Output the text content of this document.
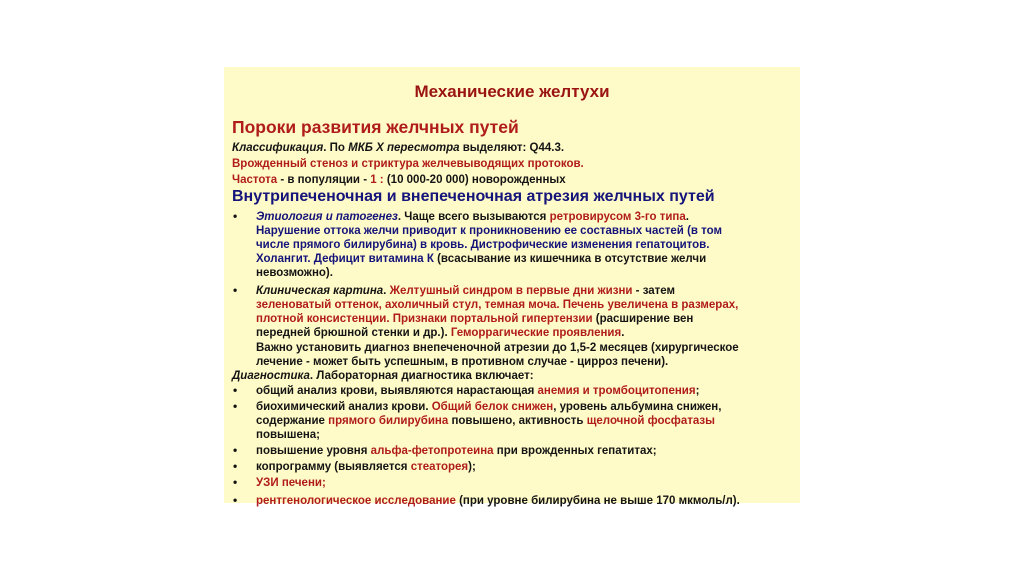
Механические желтухи
Пороки развития желчных путей
Классификация. По МКБ X пересмотра выделяют: Q44.3.
Врожденный стеноз и стриктура желчевыводящих протоков.
Частота - в популяции - 1 : (10 000-20 000) новорожденных
Внутрипеченочная и внепеченочная атрезия желчных путей
• Этиология и патогенез. Чаще всего вызываются ретровирусом 3-го типа.
Нарушение оттока желчи приводит к проникновению ее составных частей (в том
числе прямого билирубина) в кровь. Дистрофические изменения гепатоцитов.
Холангит. Дефицит витамина К (всасывание из кишечника в отсутствие желчи
невозможно).
• Клиническая картина. Желтушный синдром в первые дни жизни - затем
зеленоватый оттенок, ахоличный стул, темная моча. Печень увеличена в размерах,
плотной консистенции. Признаки портальной гипертензии (расширение вен
передней брюшной стенки и др.). Геморрагические проявления.
Важно установить диагноз внепеченочной атрезии до 1,5-2 месяцев (хирургическое
лечение - может быть успешным, в противном случае - цирроз печени).
Диагностика. Лабораторная диагностика включает:
• общий анализ крови, выявляются нарастающая анемия и тромбоцитопения;
• биохимический анализ крови. Общий белок снижен, уровень альбумина снижен,
содержание прямого билирубина повышено, активность щелочной фосфатазы
повышена;
• повышение уровня альфа-фетопротеина при врожденных гепатитах;
• копрограмму (выявляется стеаторея);
• УЗИ печени;
• рентгенологическое исследование (при уровне билирубина не выше 170 мкмоль/л).
